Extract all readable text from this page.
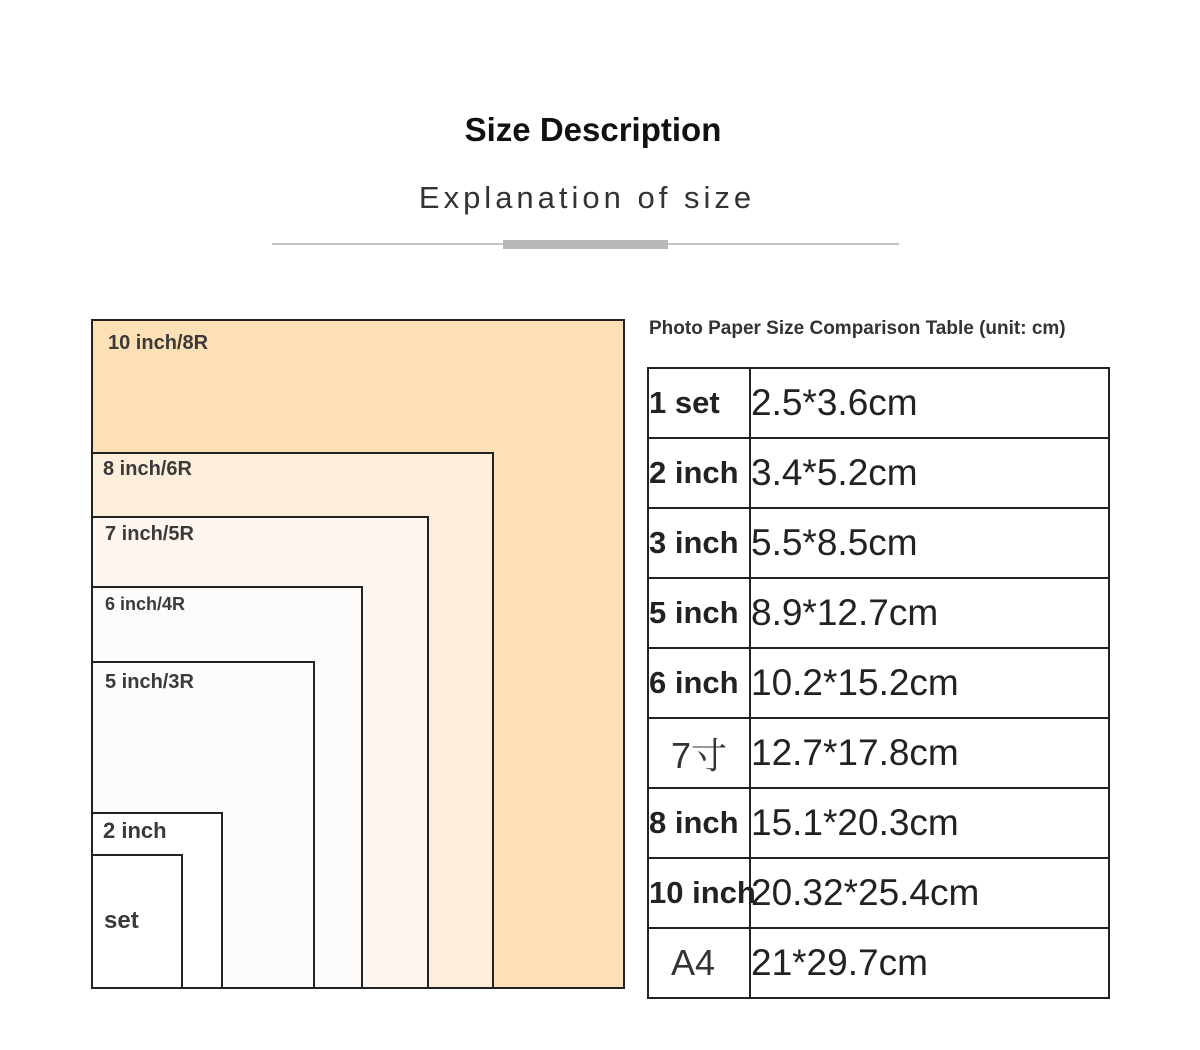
Size Description
Explanation of size
10 inch/8R
8 inch/6R
7 inch/5R
6 inch/4R
5 inch/3R
2 inch
set
Photo Paper Size Comparison Table (unit: cm)
1 set	2.5*3.6cm
2 inch	3.4*5.2cm
3 inch	5.5*8.5cm
5 inch	8.9*12.7cm
6 inch	10.2*15.2cm
7寸	12.7*17.8cm
8 inch	15.1*20.3cm
10 inch	20.32*25.4cm
A4	21*29.7cm
